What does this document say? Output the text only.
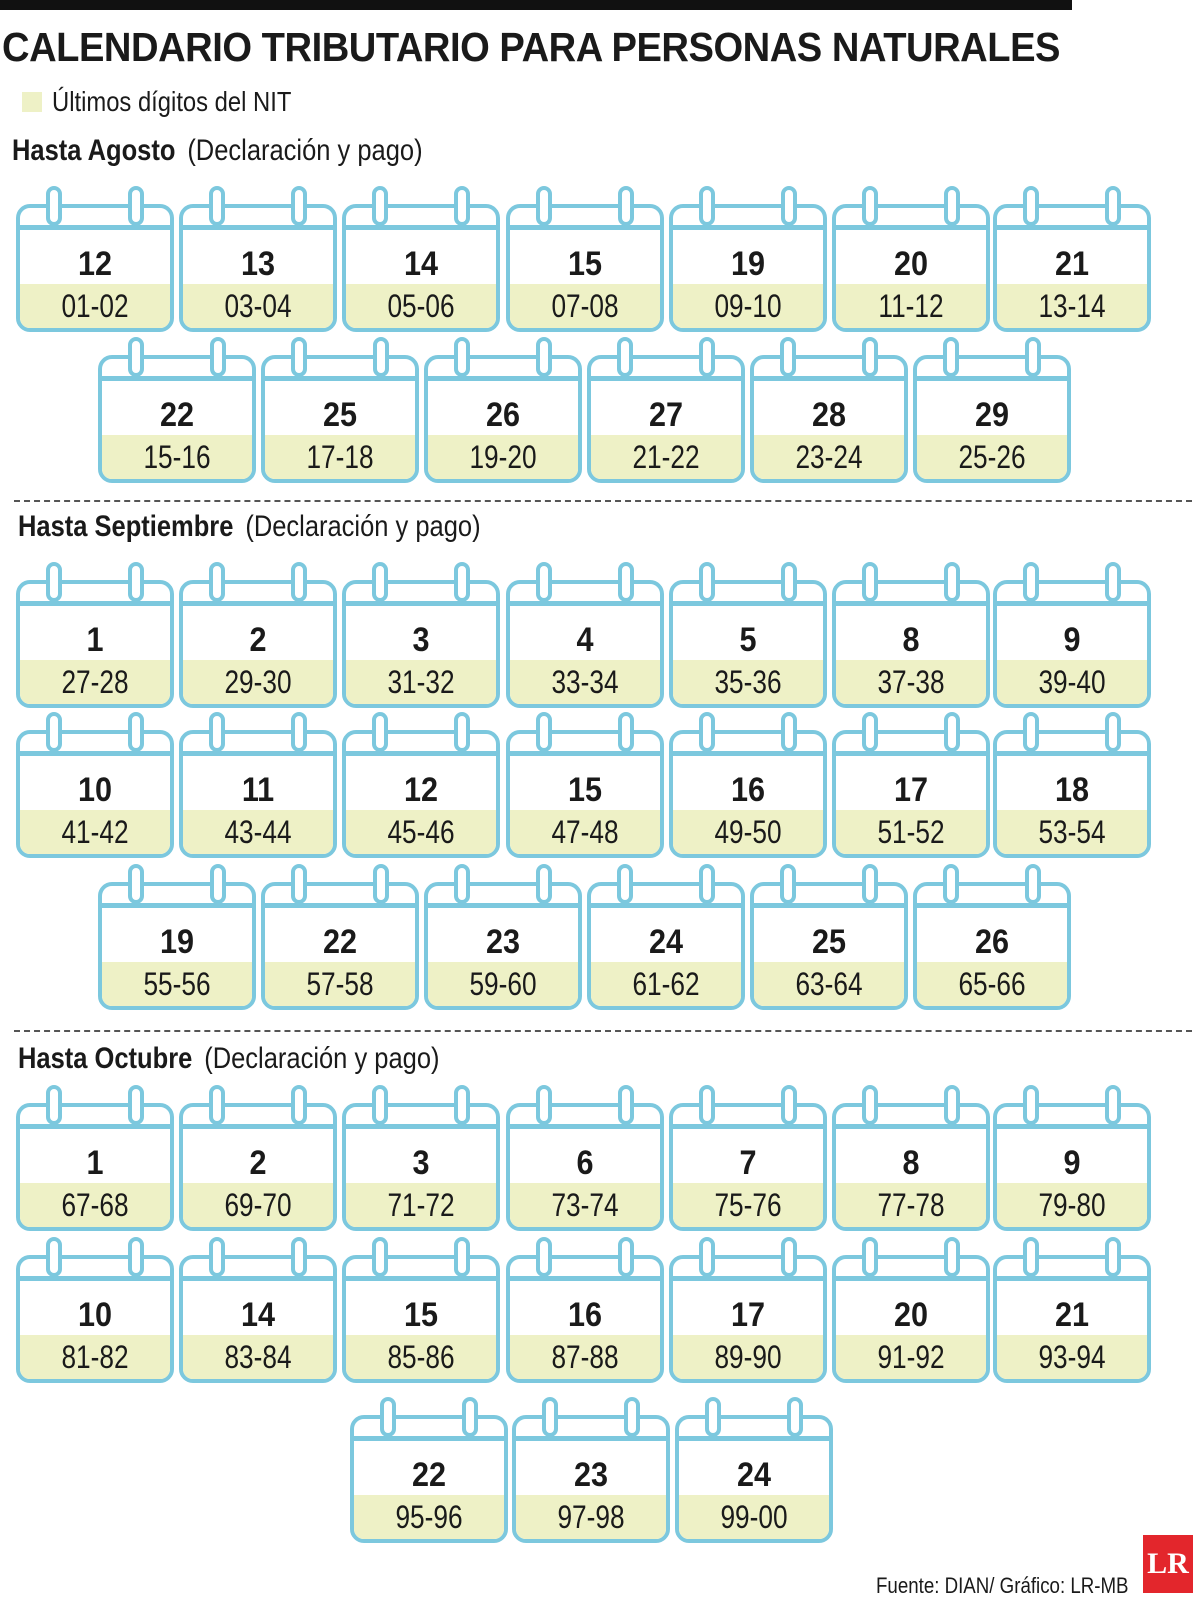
CALENDARIO TRIBUTARIO PARA PERSONAS NATURALES
Últimos dígitos del NIT
Hasta Agosto (Declaración y pago)
Hasta Septiembre (Declaración y pago)
Hasta Octubre (Declaración y pago)
12
01-02
13
03-04
14
05-06
15
07-08
19
09-10
20
11-12
21
13-14
22
15-16
25
17-18
26
19-20
27
21-22
28
23-24
29
25-26
1
27-28
2
29-30
3
31-32
4
33-34
5
35-36
8
37-38
9
39-40
10
41-42
11
43-44
12
45-46
15
47-48
16
49-50
17
51-52
18
53-54
19
55-56
22
57-58
23
59-60
24
61-62
25
63-64
26
65-66
1
67-68
2
69-70
3
71-72
6
73-74
7
75-76
8
77-78
9
79-80
10
81-82
14
83-84
15
85-86
16
87-88
17
89-90
20
91-92
21
93-94
22
95-96
23
97-98
24
99-00
Fuente: DIAN/ Gráfico: LR-MB
LR
